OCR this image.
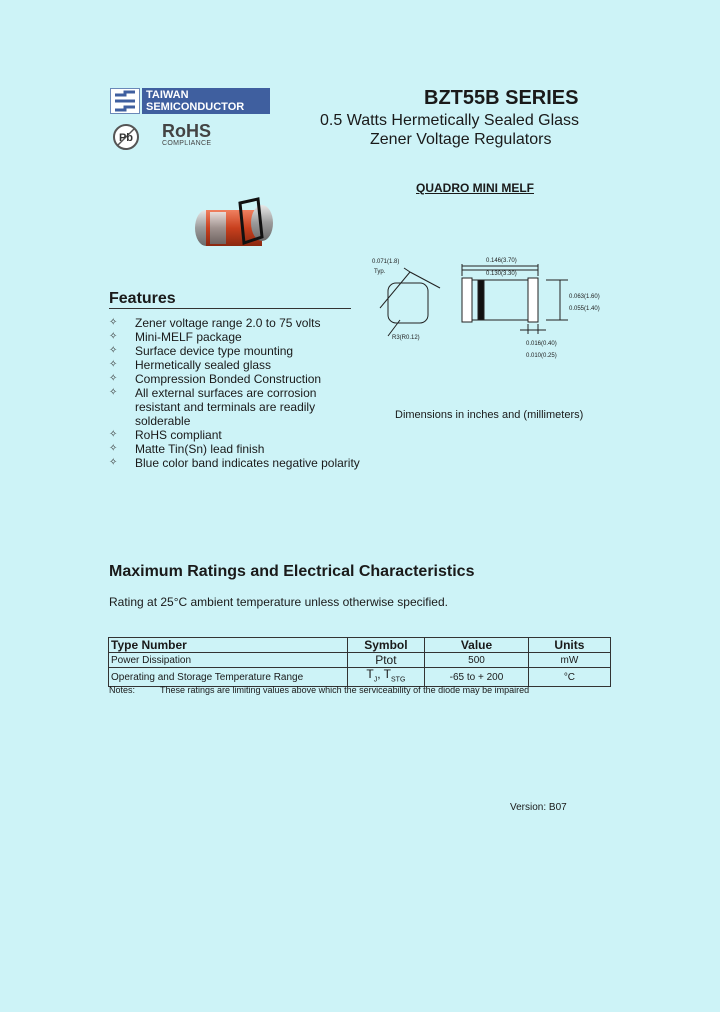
TAIWAN
SEMICONDUCTOR
Pb RoHS
COMPLIANCE
BZT55B SERIES
0.5 Watts Hermetically Sealed Glass
Zener Voltage Regulators
QUADRO MINI MELF
0.071(1.8)
Typ.
R3(R0.12)
0.146(3.70)
0.130(3.30)
0.063(1.60)
0.055(1.40)
0.016(0.40)
0.010(0.25)
Dimensions in inches and (millimeters)
Features
✧ Zener voltage range 2.0 to 75 volts
✧ Mini-MELF package
✧ Surface device type mounting
✧ Hermetically sealed glass
✧ Compression Bonded Construction
✧ All external surfaces are corrosion resistant and terminals are readily solderable
✧ RoHS compliant
✧ Matte Tin(Sn) lead finish
✧ Blue color band indicates negative polarity
Maximum Ratings and Electrical Characteristics
Rating at 25°C ambient temperature unless otherwise specified.
Type Number	Symbol	Value	Units
Power Dissipation	Ptot	500	mW
Operating and Storage Temperature Range	$T_J$, $T_{STG}$	-65 to + 200	°C
Notes:	These ratings are limiting values above which the serviceability of the diode may be impaired
Version: B07
